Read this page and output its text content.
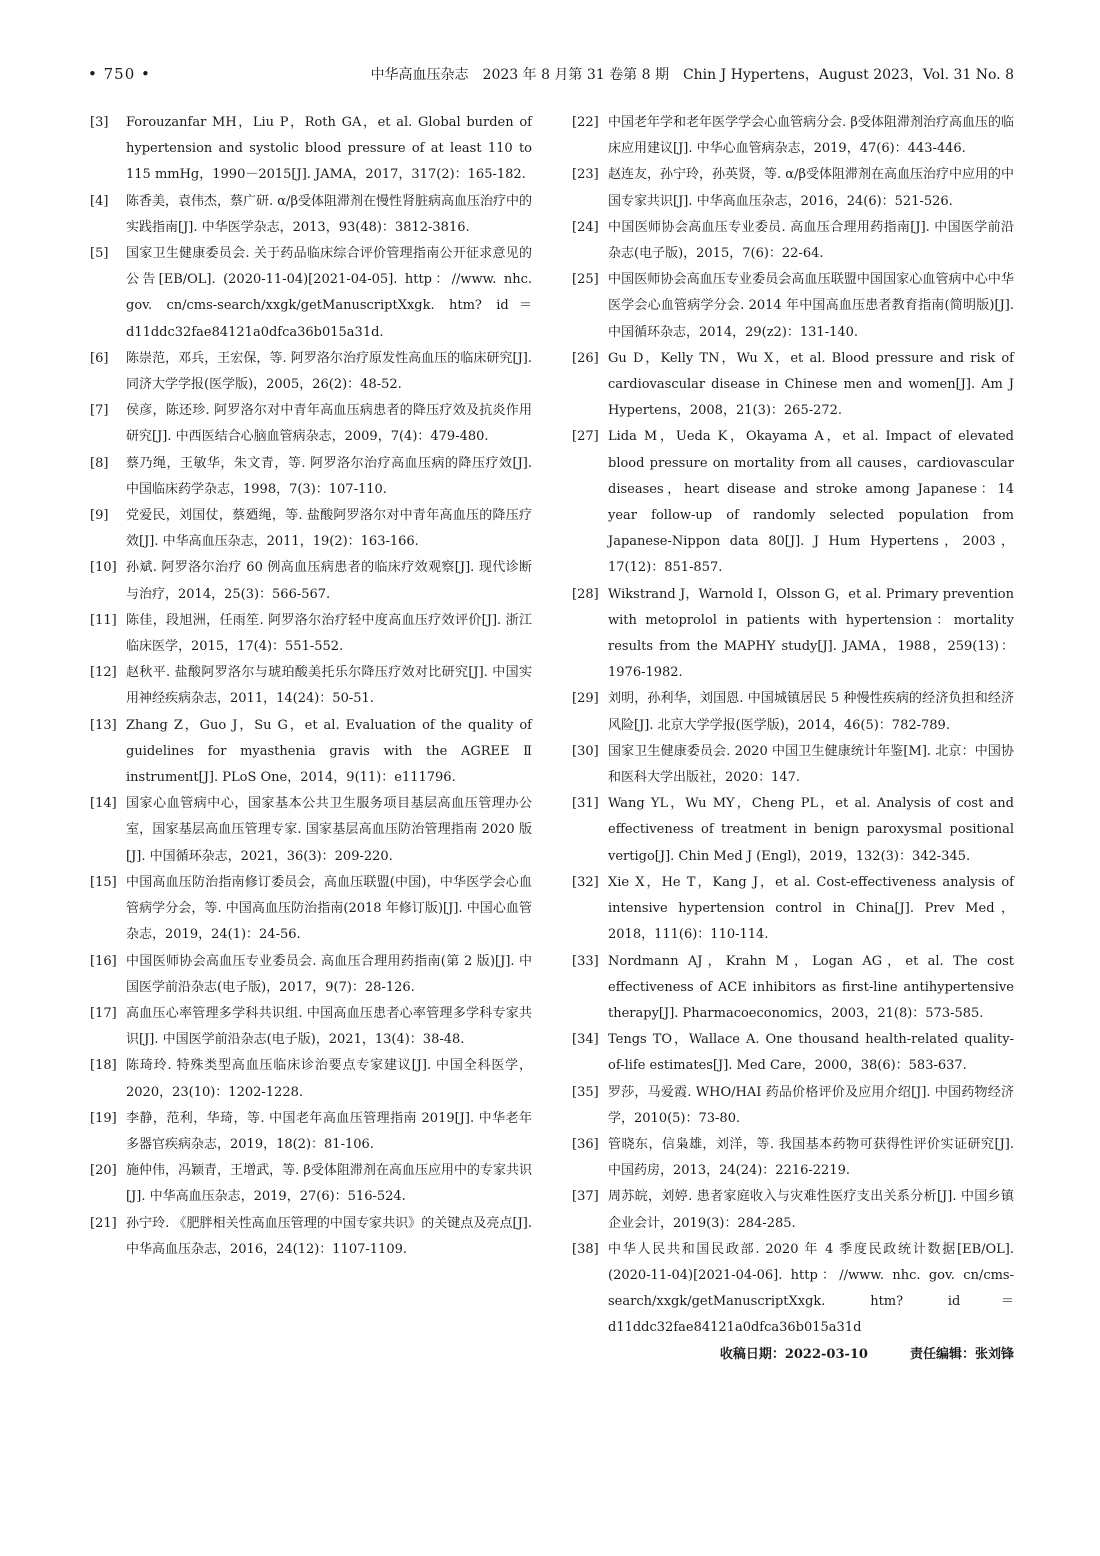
• 750 •	中华高血压杂志　2023 年 8 月第 31 卷第 8 期　Chin J Hypertens，August 2023，Vol. 31 No. 8
[3]	Forouzanfar MH，Liu P，Roth GA，et al. Global burden of hypertension and systolic blood pressure of at least 110 to 115 mmHg，1990－2015[J]. JAMA，2017，317(2)：165-182.
[4]	陈香美，袁伟杰，蔡广研. α/β受体阻滞剂在慢性肾脏病高血压治疗中的实践指南[J]. 中华医学杂志，2013，93(48)：3812-3816.
[5]	国家卫生健康委员会. 关于药品临床综合评价管理指南公开征求意见的公告[EB/OL]. (2020-11-04)[2021-04-05]. http：//www. nhc. gov. cn/cms-search/xxgk/getManuscriptXxgk. htm? id＝d11ddc32fae84121a0dfca36b015a31d.
[6]	陈崇范，邓兵，王宏保，等. 阿罗洛尔治疗原发性高血压的临床研究[J]. 同济大学学报(医学版)，2005，26(2)：48-52.
[7]	侯彦，陈还珍. 阿罗洛尔对中青年高血压病患者的降压疗效及抗炎作用研究[J]. 中西医结合心脑血管病杂志，2009，7(4)：479-480.
[8]	蔡乃绳，王敏华，朱文青，等. 阿罗洛尔治疗高血压病的降压疗效[J]. 中国临床药学杂志，1998，7(3)：107-110.
[9]	党爱民，刘国仗，蔡廼绳，等. 盐酸阿罗洛尔对中青年高血压的降压疗效[J]. 中华高血压杂志，2011，19(2)：163-166.
[10] 孙斌. 阿罗洛尔治疗 60 例高血压病患者的临床疗效观察[J]. 现代诊断与治疗，2014，25(3)：566-567.
[11] 陈佳，段旭洲，任雨笙. 阿罗洛尔治疗轻中度高血压疗效评价[J]. 浙江临床医学，2015，17(4)：551-552.
[12] 赵秋平. 盐酸阿罗洛尔与琥珀酸美托乐尔降压疗效对比研究[J]. 中国实用神经疾病杂志，2011，14(24)：50-51.
[13] Zhang Z，Guo J，Su G，et al. Evaluation of the quality of guidelines for myasthenia gravis with the AGREE Ⅱ instrument[J]. PLoS One，2014，9(11)：e111796.
[14] 国家心血管病中心，国家基本公共卫生服务项目基层高血压管理办公室，国家基层高血压管理专家. 国家基层高血压防治管理指南 2020 版[J]. 中国循环杂志，2021，36(3)：209-220.
[15] 中国高血压防治指南修订委员会，高血压联盟(中国)，中华医学会心血管病学分会，等. 中国高血压防治指南(2018 年修订版)[J]. 中国心血管杂志，2019，24(1)：24-56.
[16] 中国医师协会高血压专业委员会. 高血压合理用药指南(第 2 版)[J]. 中国医学前沿杂志(电子版)，2017，9(7)：28-126.
[17] 高血压心率管理多学科共识组. 中国高血压患者心率管理多学科专家共识[J]. 中国医学前沿杂志(电子版)，2021，13(4)：38-48.
[18] 陈琦玲. 特殊类型高血压临床诊治要点专家建议[J]. 中国全科医学，2020，23(10)：1202-1228.
[19] 李静，范利，华琦，等. 中国老年高血压管理指南 2019[J]. 中华老年多器官疾病杂志，2019，18(2)：81-106.
[20] 施仲伟，冯颖青，王增武，等. β受体阻滞剂在高血压应用中的专家共识[J]. 中华高血压杂志，2019，27(6)：516-524.
[21] 孙宁玲. 《肥胖相关性高血压管理的中国专家共识》的关键点及亮点[J]. 中华高血压杂志，2016，24(12)：1107-1109.
[22] 中国老年学和老年医学学会心血管病分会. β受体阻滞剂治疗高血压的临床应用建议[J]. 中华心血管病杂志，2019，47(6)：443-446.
[23] 赵连友，孙宁玲，孙英贤，等. α/β受体阻滞剂在高血压治疗中应用的中国专家共识[J]. 中华高血压杂志，2016，24(6)：521-526.
[24] 中国医师协会高血压专业委员. 高血压合理用药指南[J]. 中国医学前沿杂志(电子版)，2015，7(6)：22-64.
[25] 中国医师协会高血压专业委员会高血压联盟中国国家心血管病中心中华医学会心血管病学分会. 2014 年中国高血压患者教育指南(简明版)[J]. 中国循环杂志，2014，29(z2)：131-140.
[26] Gu D，Kelly TN，Wu X，et al. Blood pressure and risk of cardiovascular disease in Chinese men and women[J]. Am J Hypertens，2008，21(3)：265-272.
[27] Lida M，Ueda K，Okayama A，et al. Impact of elevated blood pressure on mortality from all causes，cardiovascular diseases，heart disease and stroke among Japanese：14 year follow-up of randomly selected population from Japanese-Nippon data 80[J]. J Hum Hypertens，2003，17(12)：851-857.
[28] Wikstrand J，Warnold I，Olsson G，et al. Primary prevention with metoprolol in patients with hypertension：mortality results from the MAPHY study[J]. JAMA，1988，259(13)：1976-1982.
[29] 刘明，孙利华，刘国恩. 中国城镇居民 5 种慢性疾病的经济负担和经济风险[J]. 北京大学学报(医学版)，2014，46(5)：782-789.
[30] 国家卫生健康委员会. 2020 中国卫生健康统计年鉴[M]. 北京：中国协和医科大学出版社，2020：147.
[31] Wang YL，Wu MY，Cheng PL，et al. Analysis of cost and effectiveness of treatment in benign paroxysmal positional vertigo[J]. Chin Med J (Engl)，2019，132(3)：342-345.
[32] Xie X，He T，Kang J，et al. Cost-effectiveness analysis of intensive hypertension control in China[J]. Prev Med，2018，111(6)：110-114.
[33] Nordmann AJ，Krahn M，Logan AG，et al. The cost effectiveness of ACE inhibitors as first-line antihypertensive therapy[J]. Pharmacoeconomics，2003，21(8)：573-585.
[34] Tengs TO，Wallace A. One thousand health-related quality-of-life estimates[J]. Med Care，2000，38(6)：583-637.
[35] 罗莎，马爱霞. WHO/HAI 药品价格评价及应用介绍[J]. 中国药物经济学，2010(5)：73-80.
[36] 管晓东，信枭雄，刘洋，等. 我国基本药物可获得性评价实证研究[J]. 中国药房，2013，24(24)：2216-2219.
[37] 周苏皖，刘婷. 患者家庭收入与灾难性医疗支出关系分析[J]. 中国乡镇企业会计，2019(3)：284-285.
[38] 中华人民共和国民政部. 2020 年 4 季度民政统计数据[EB/OL]. (2020-11-04)[2021-04-06]. http：//www. nhc. gov. cn/cms-search/xxgk/getManuscriptXxgk. htm? id＝d11ddc32fae84121a0dfca36b015a31d
收稿日期：2022-03-10	责任编辑：张刘锋
